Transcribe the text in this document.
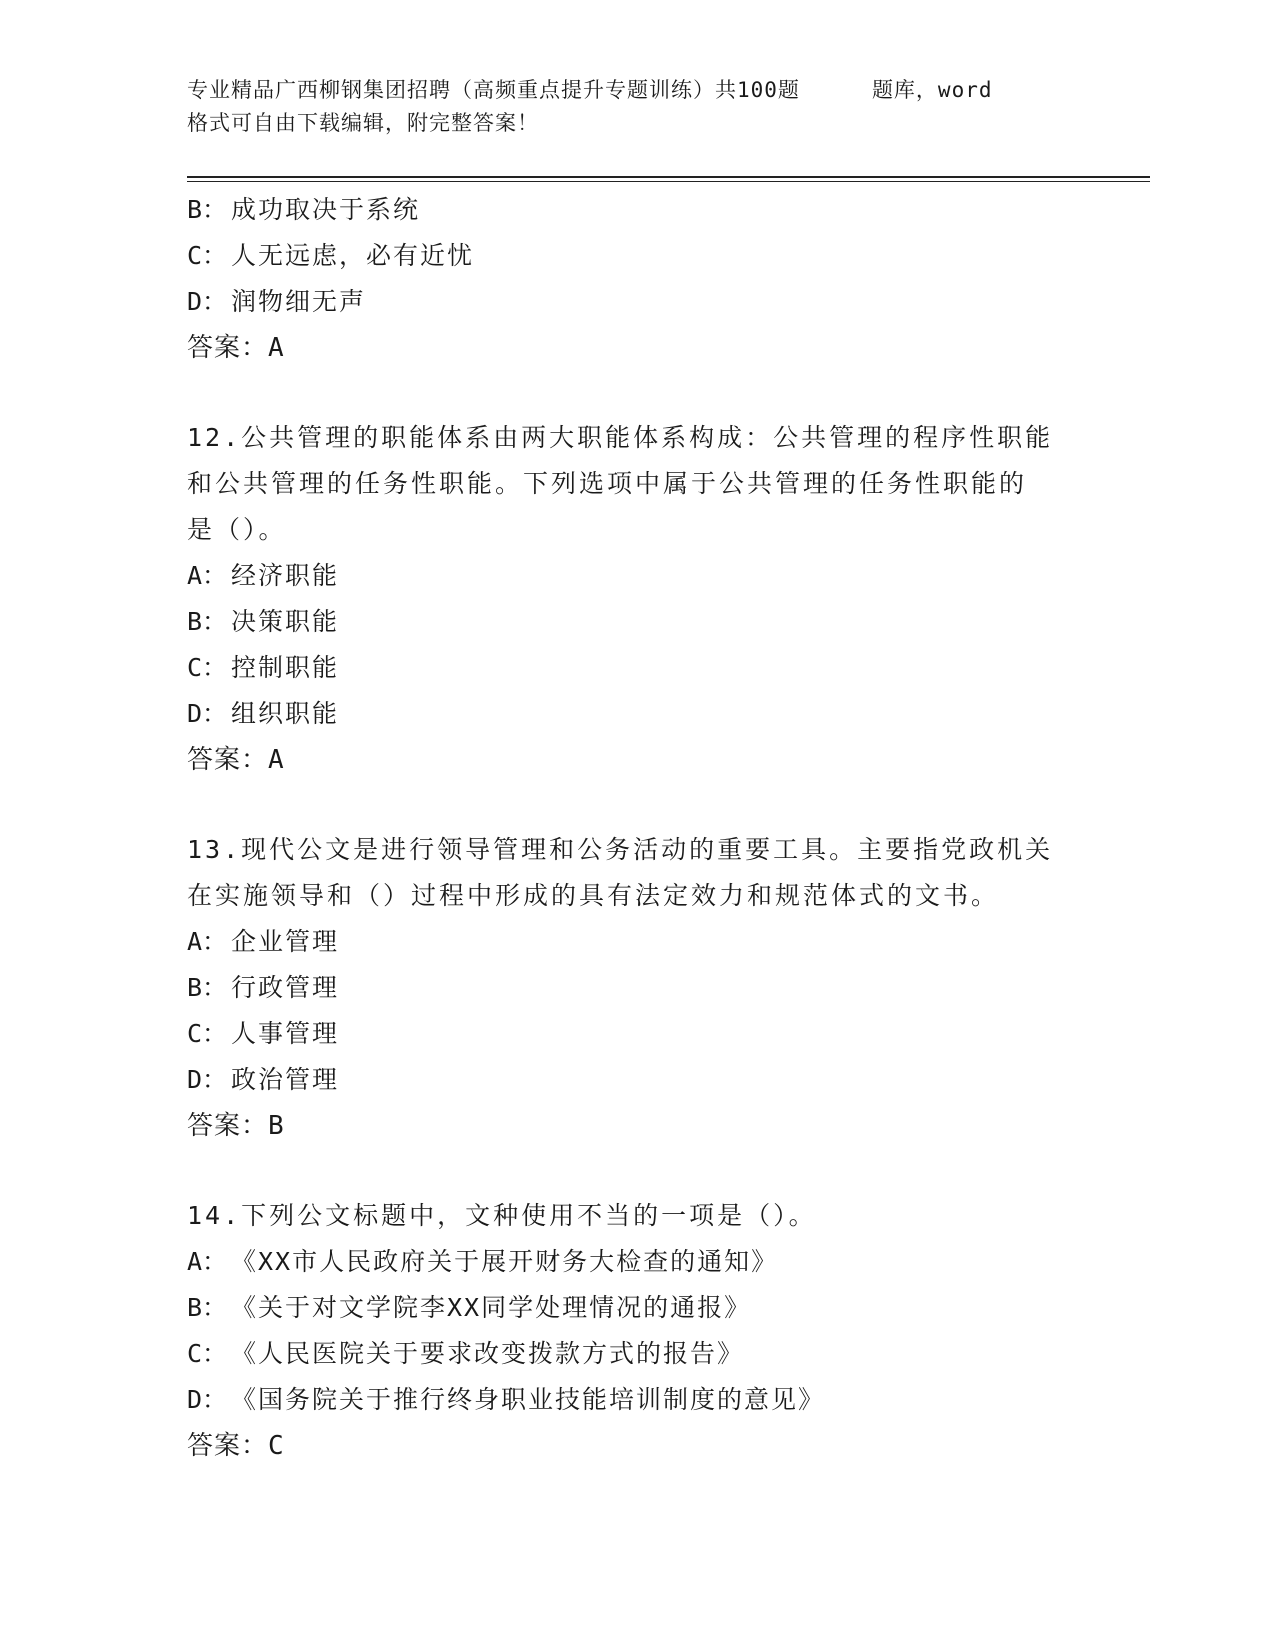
专业精品广西柳钢集团招聘（高频重点提升专题训练）共100题	题库，word
格式可自由下载编辑，附完整答案！
B： 成功取决于系统
C： 人无远虑，必有近忧
D： 润物细无声
答案：A
12.公共管理的职能体系由两大职能体系构成：公共管理的程序性职能
和公共管理的任务性职能。下列选项中属于公共管理的任务性职能的
是（）。
A： 经济职能
B： 决策职能
C： 控制职能
D： 组织职能
答案：A
13.现代公文是进行领导管理和公务活动的重要工具。主要指党政机关
在实施领导和（）过程中形成的具有法定效力和规范体式的文书。
A： 企业管理
B： 行政管理
C： 人事管理
D： 政治管理
答案：B
14.下列公文标题中，文种使用不当的一项是（）。
A： 《XX市人民政府关于展开财务大检查的通知》
B： 《关于对文学院李XX同学处理情况的通报》
C： 《人民医院关于要求改变拨款方式的报告》
D： 《国务院关于推行终身职业技能培训制度的意见》
答案：C
